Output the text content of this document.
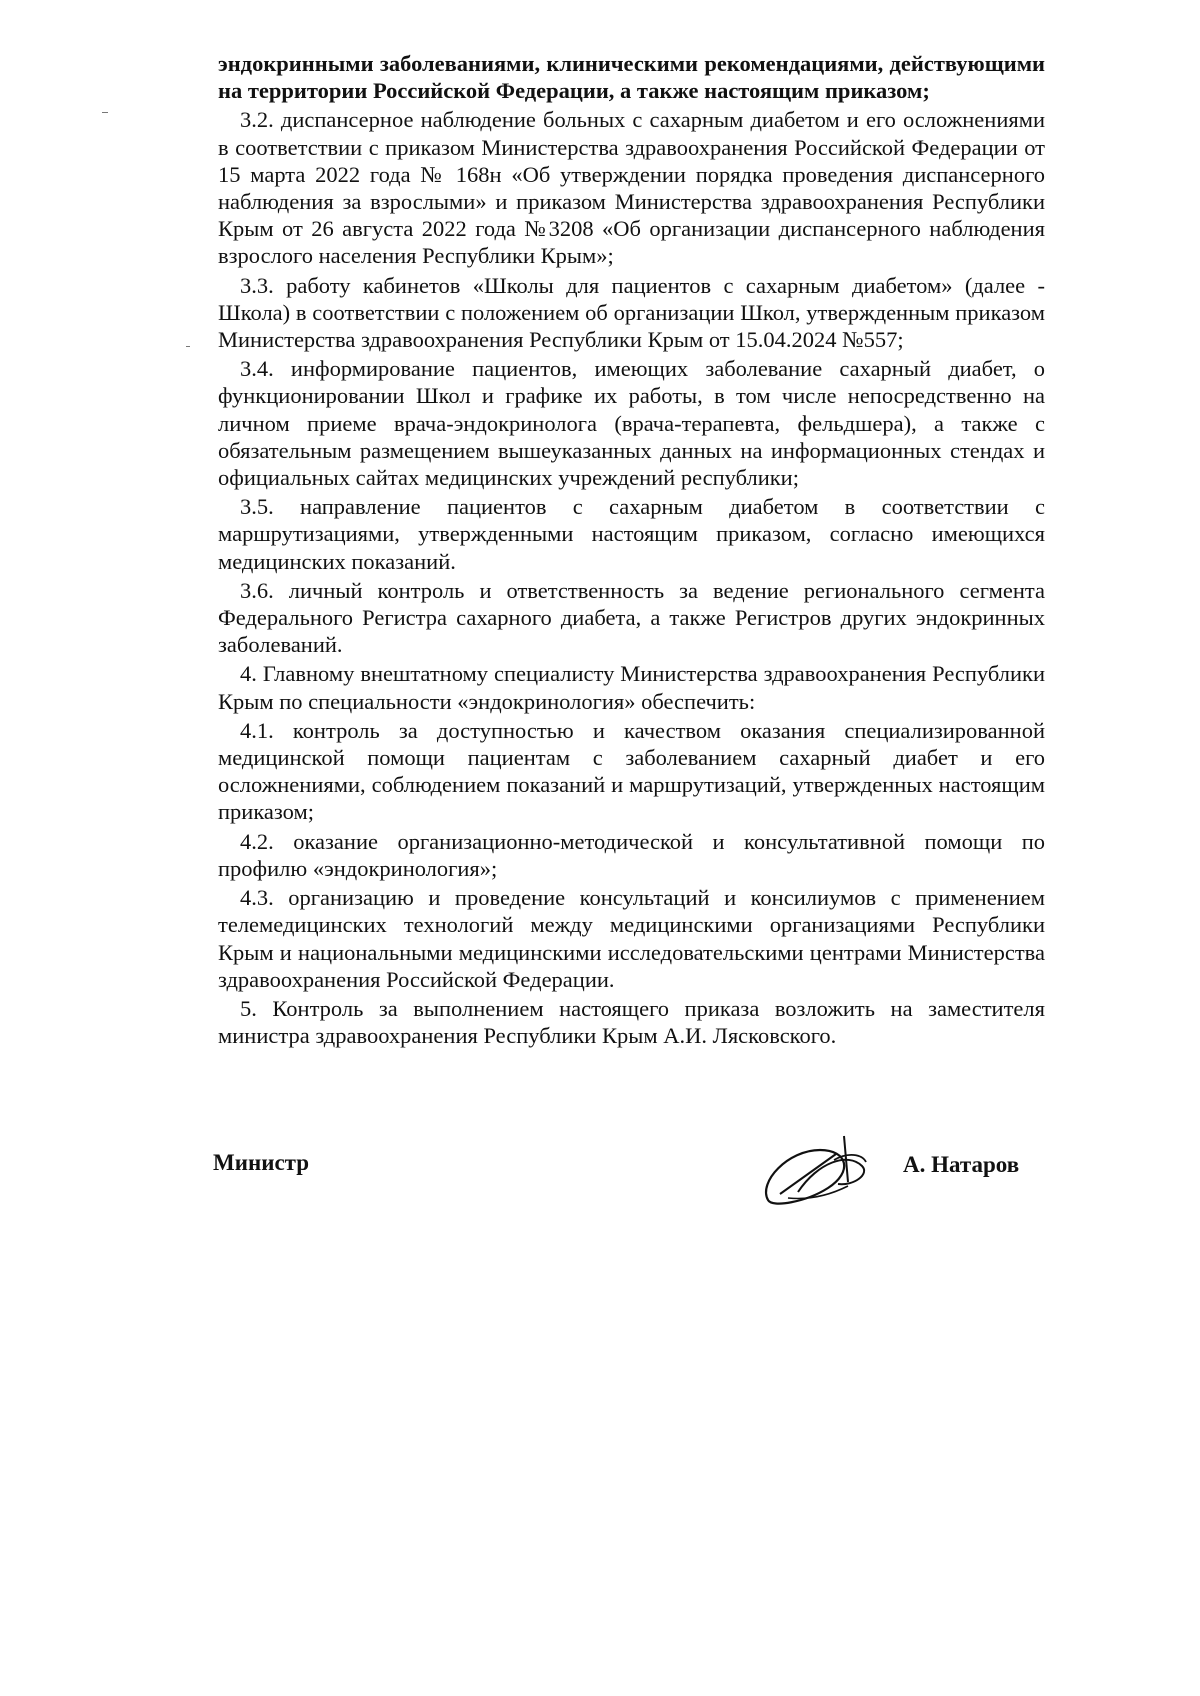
эндокринными заболеваниями, клиническими рекомендациями, действующими на территории Российской Федерации, а также настоящим приказом;

3.2. диспансерное наблюдение больных с сахарным диабетом и его осложнениями в соответствии с приказом Министерства здравоохранения Российской Федерации от 15 марта 2022 года № 168н «Об утверждении порядка проведения диспансерного наблюдения за взрослыми» и приказом Министерства здравоохранения Республики Крым от 26 августа 2022 года №3208 «Об организации диспансерного наблюдения взрослого населения Республики Крым»;

3.3. работу кабинетов «Школы для пациентов с сахарным диабетом» (далее - Школа) в соответствии с положением об организации Школ, утвержденным приказом Министерства здравоохранения Республики Крым от 15.04.2024 №557;

3.4. информирование пациентов, имеющих заболевание сахарный диабет, о функционировании Школ и графике их работы, в том числе непосредственно на личном приеме врача-эндокринолога (врача-терапевта, фельдшера), а также с обязательным размещением вышеуказанных данных на информационных стендах и официальных сайтах медицинских учреждений республики;

3.5. направление пациентов с сахарным диабетом в соответствии с маршрутизациями, утвержденными настоящим приказом, согласно имеющихся медицинских показаний.

3.6. личный контроль и ответственность за ведение регионального сегмента Федерального Регистра сахарного диабета, а также Регистров других эндокринных заболеваний.

4. Главному внештатному специалисту Министерства здравоохранения Республики Крым по специальности «эндокринология» обеспечить:

4.1. контроль за доступностью и качеством оказания специализированной медицинской помощи пациентам с заболеванием сахарный диабет и его осложнениями, соблюдением показаний и маршрутизаций, утвержденных настоящим приказом;

4.2. оказание организационно-методической и консультативной помощи по профилю «эндокринология»;

4.3. организацию и проведение консультаций и консилиумов с применением телемедицинских технологий между медицинскими организациями Республики Крым и национальными медицинскими исследовательскими центрами Министерства здравоохранения Российской Федерации.

5. Контроль за выполнением настоящего приказа возложить на заместителя министра здравоохранения Республики Крым А.И. Лясковского.

Министр	А. Натаров
